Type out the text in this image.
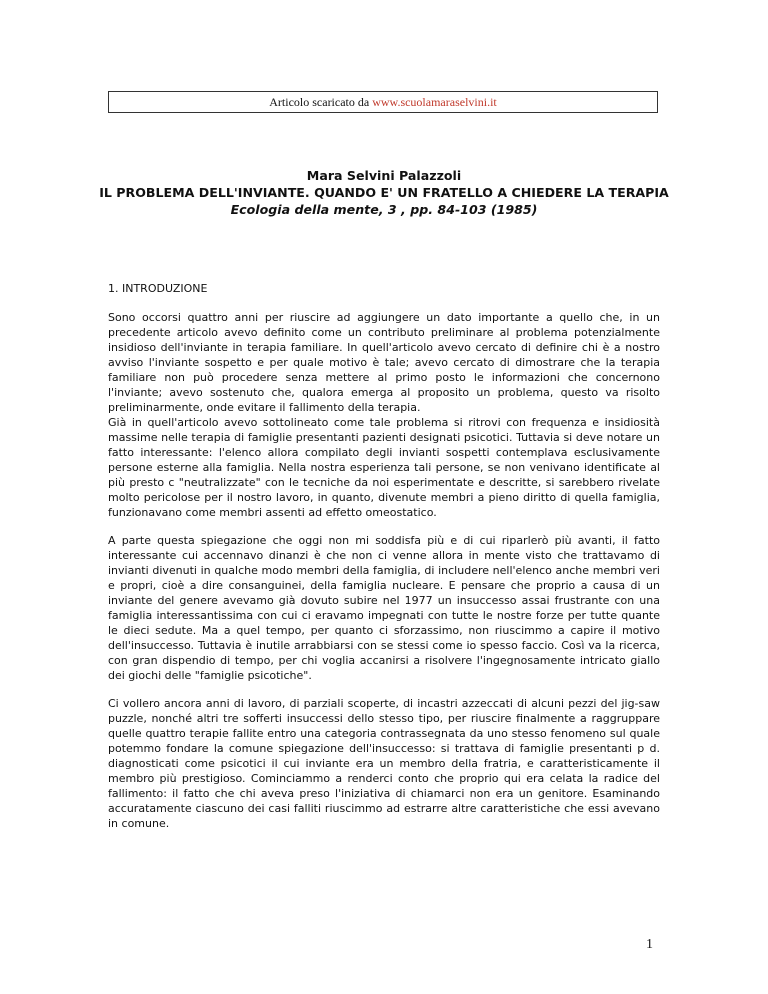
Articolo scaricato da www.scuolamaraselvini.it
Mara Selvini Palazzoli
IL PROBLEMA DELL'INVIANTE. QUANDO E' UN FRATELLO A CHIEDERE LA TERAPIA
Ecologia della mente, 3 , pp. 84-103 (1985)
1. INTRODUZIONE

Sono occorsi quattro anni per riuscire ad aggiungere un dato importante a quello che, in un precedente articolo avevo definito come un contributo preliminare al problema potenzialmente insidioso dell'inviante in terapia familiare. In quell'articolo avevo cercato di definire chi è a nostro avviso l'inviante sospetto e per quale motivo è tale; avevo cercato di dimostrare che la terapia familiare non può procedere senza mettere al primo posto le informazioni che concernono l'inviante; avevo sostenuto che, qualora emerga al proposito un problema, questo va risolto preliminarmente, onde evitare il fallimento della terapia.

Già in quell'articolo avevo sottolineato come tale problema si ritrovi con frequenza e insidiosità massime nelle terapia di famiglie presentanti pazienti designati psicotici. Tuttavia si deve notare un fatto interessante: l'elenco allora compilato degli invianti sospetti contemplava esclusivamente persone esterne alla famiglia. Nella nostra esperienza tali persone, se non venivano identificate al più presto c "neutralizzate" con le tecniche da noi esperimentate e descritte, si sarebbero rivelate molto pericolose per il nostro lavoro, in quanto, divenute membri a pieno diritto di quella famiglia, funzionavano come membri assenti ad effetto omeostatico.

A parte questa spiegazione che oggi non mi soddisfa più e di cui riparlerò più avanti, il fatto interessante cui accennavo dinanzi è che non ci venne allora in mente visto che trattavamo di invianti divenuti in qualche modo membri della famiglia, di includere nell'elenco anche membri veri e propri, cioè a dire consanguinei, della famiglia nucleare. E pensare che proprio a causa di un inviante del genere avevamo già dovuto subire nel 1977 un insuccesso assai frustrante con una famiglia interessantissima con cui ci eravamo impegnati con tutte le nostre forze per tutte quante le dieci sedute. Ma a quel tempo, per quanto ci sforzassimo, non riuscimmo a capire il motivo dell'insuccesso. Tuttavia è inutile arrabbiarsi con se stessi come io spesso faccio. Così va la ricerca, con gran dispendio di tempo, per chi voglia accanirsi a risolvere l'ingegnosamente intricato giallo dei giochi delle "famiglie psicotiche".

Ci vollero ancora anni di lavoro, di parziali scoperte, di incastri azzeccati di alcuni pezzi del jig-saw puzzle, nonché altri tre sofferti insuccessi dello stesso tipo, per riuscire finalmente a raggruppare quelle quattro terapie fallite entro una categoria contrassegnata da uno stesso fenomeno sul quale potemmo fondare la comune spiegazione dell'insuccesso: si trattava di famiglie presentanti p d. diagnosticati come psicotici il cui inviante era un membro della fratria, e caratteristicamente il membro più prestigioso. Cominciammo a renderci conto che proprio qui era celata la radice del fallimento: il fatto che chi aveva preso l'iniziativa di chiamarci non era un genitore. Esaminando accuratamente ciascuno dei casi falliti riuscimmo ad estrarre altre caratteristiche che essi avevano in comune.

1
